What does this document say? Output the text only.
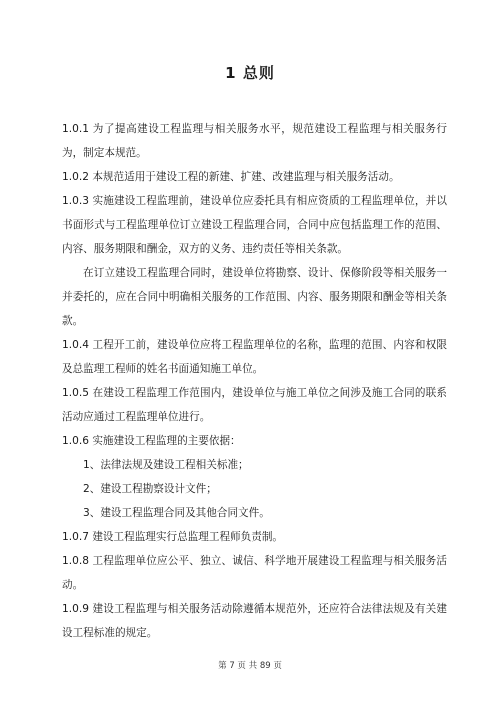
1 总则

1.0.1 为了提高建设工程监理与相关服务水平，规范建设工程监理与相关服务行为，制定本规范。

1.0.2 本规范适用于建设工程的新建、扩建、改建监理与相关服务活动。

1.0.3 实施建设工程监理前，建设单位应委托具有相应资质的工程监理单位，并以书面形式与工程监理单位订立建设工程监理合同，合同中应包括监理工作的范围、内容、服务期限和酬金，双方的义务、违约责任等相关条款。

在订立建设工程监理合同时，建设单位将勘察、设计、保修阶段等相关服务一并委托的，应在合同中明确相关服务的工作范围、内容、服务期限和酬金等相关条款。

1.0.4 工程开工前，建设单位应将工程监理单位的名称，监理的范围、内容和权限及总监理工程师的姓名书面通知施工单位。

1.0.5 在建设工程监理工作范围内，建设单位与施工单位之间涉及施工合同的联系活动应通过工程监理单位进行。

1.0.6 实施建设工程监理的主要依据：

1、法律法规及建设工程相关标准；

2、建设工程勘察设计文件；

3、建设工程监理合同及其他合同文件。

1.0.7 建设工程监理实行总监理工程师负责制。

1.0.8 工程监理单位应公平、独立、诚信、科学地开展建设工程监理与相关服务活动。

1.0.9 建设工程监理与相关服务活动除遵循本规范外，还应符合法律法规及有关建设工程标准的规定。

第 7 页 共 89 页
